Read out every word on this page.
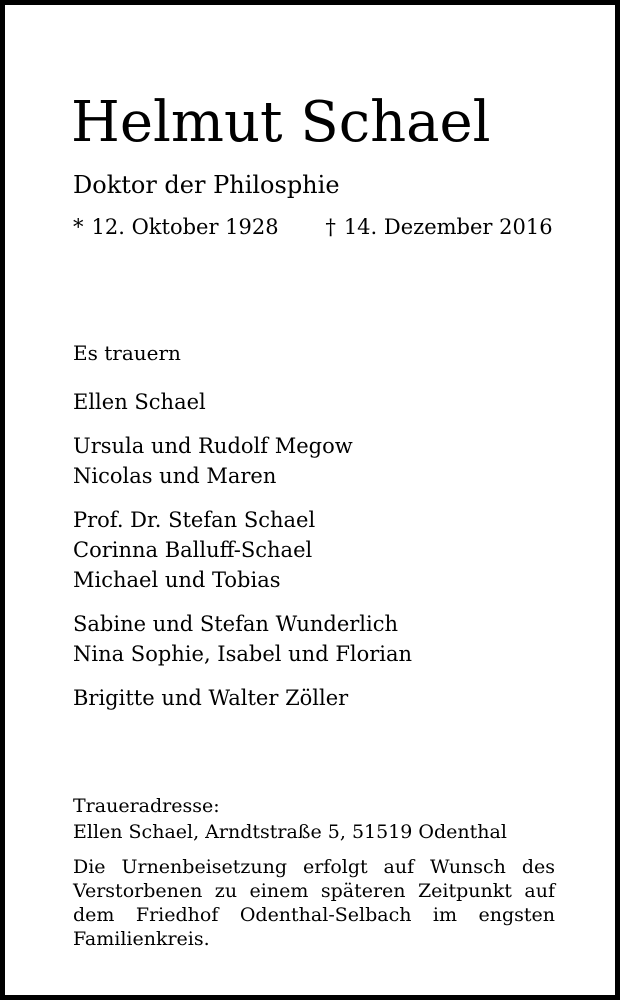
Helmut Schael
Doktor der Philosphie
* 12. Oktober 1928 † 14. Dezember 2016
Es trauern
Ellen Schael
Ursula und Rudolf Megow
Nicolas und Maren
Prof. Dr. Stefan Schael
Corinna Balluff-Schael
Michael und Tobias
Sabine und Stefan Wunderlich
Nina Sophie, Isabel und Florian
Brigitte und Walter Zöller
Traueradresse:
Ellen Schael, Arndtstraße 5, 51519 Odenthal
Die Urnenbeisetzung erfolgt auf Wunsch des Verstorbenen zu einem späteren Zeitpunkt auf dem Friedhof Odenthal-Selbach im engsten Familienkreis.
